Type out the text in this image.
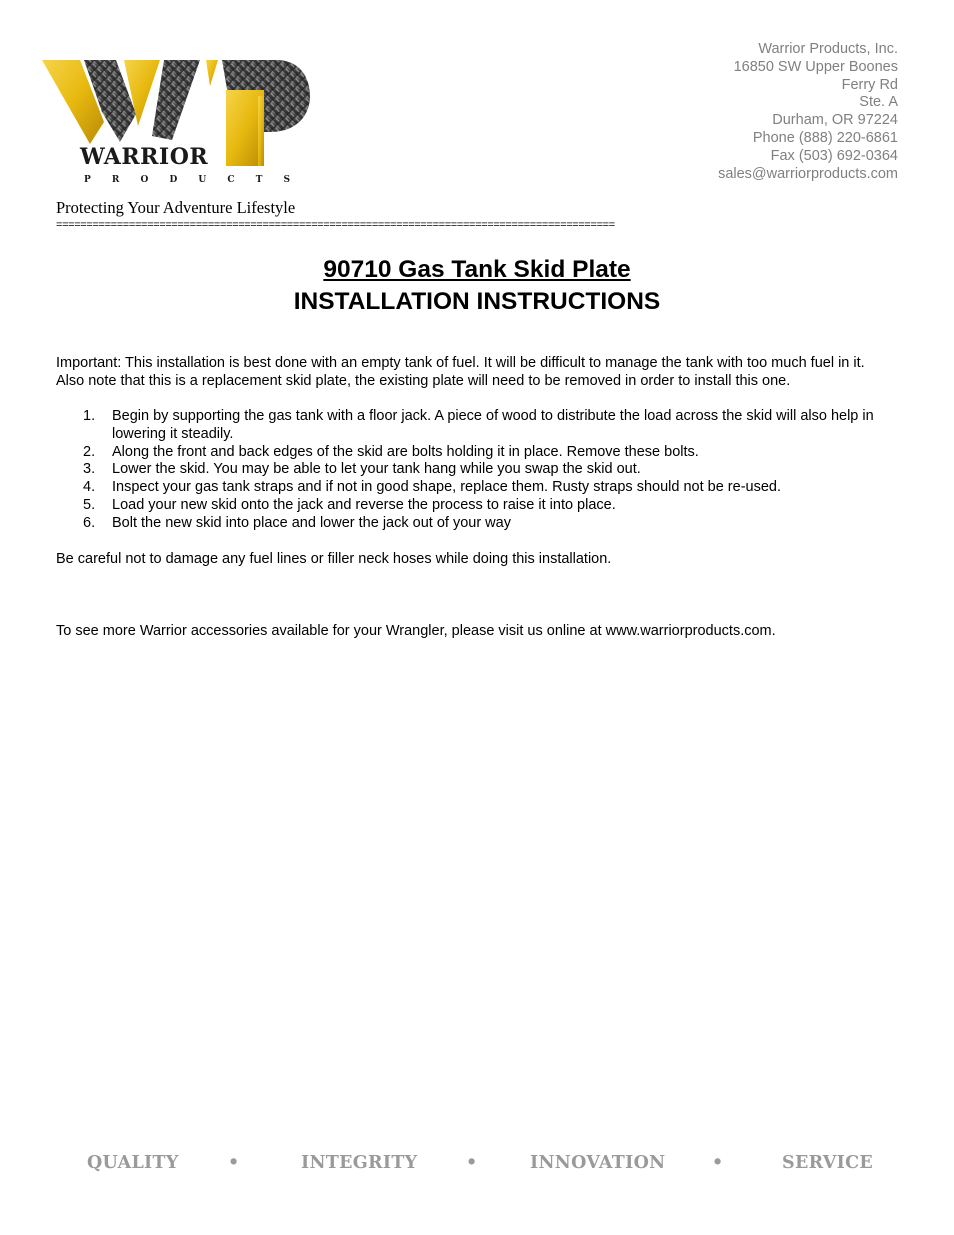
WARRIOR
P R O D U C T S
Warrior Products, Inc.
16850 SW Upper Boones
Ferry Rd
Ste. A
Durham, OR 97224
Phone (888) 220-6861
Fax (503) 692-0364
sales@warriorproducts.com
Protecting Your Adventure Lifestyle
============================================================================================
90710 Gas Tank Skid Plate
INSTALLATION INSTRUCTIONS
Important: This installation is best done with an empty tank of fuel. It will be difficult to manage the tank with too much fuel in it. Also note that this is a replacement skid plate, the existing plate will need to be removed in order to install this one.
1. Begin by supporting the gas tank with a floor jack. A piece of wood to distribute the load across the skid will also help in lowering it steadily.
2. Along the front and back edges of the skid are bolts holding it in place. Remove these bolts.
3. Lower the skid. You may be able to let your tank hang while you swap the skid out.
4. Inspect your gas tank straps and if not in good shape, replace them. Rusty straps should not be re-used.
5. Load your new skid onto the jack and reverse the process to raise it into place.
6. Bolt the new skid into place and lower the jack out of your way
Be careful not to damage any fuel lines or filler neck hoses while doing this installation.
To see more Warrior accessories available for your Wrangler, please visit us online at www.warriorproducts.com.
QUALITY	•	INTEGRITY	•	INNOVATION	•	SERVICE
